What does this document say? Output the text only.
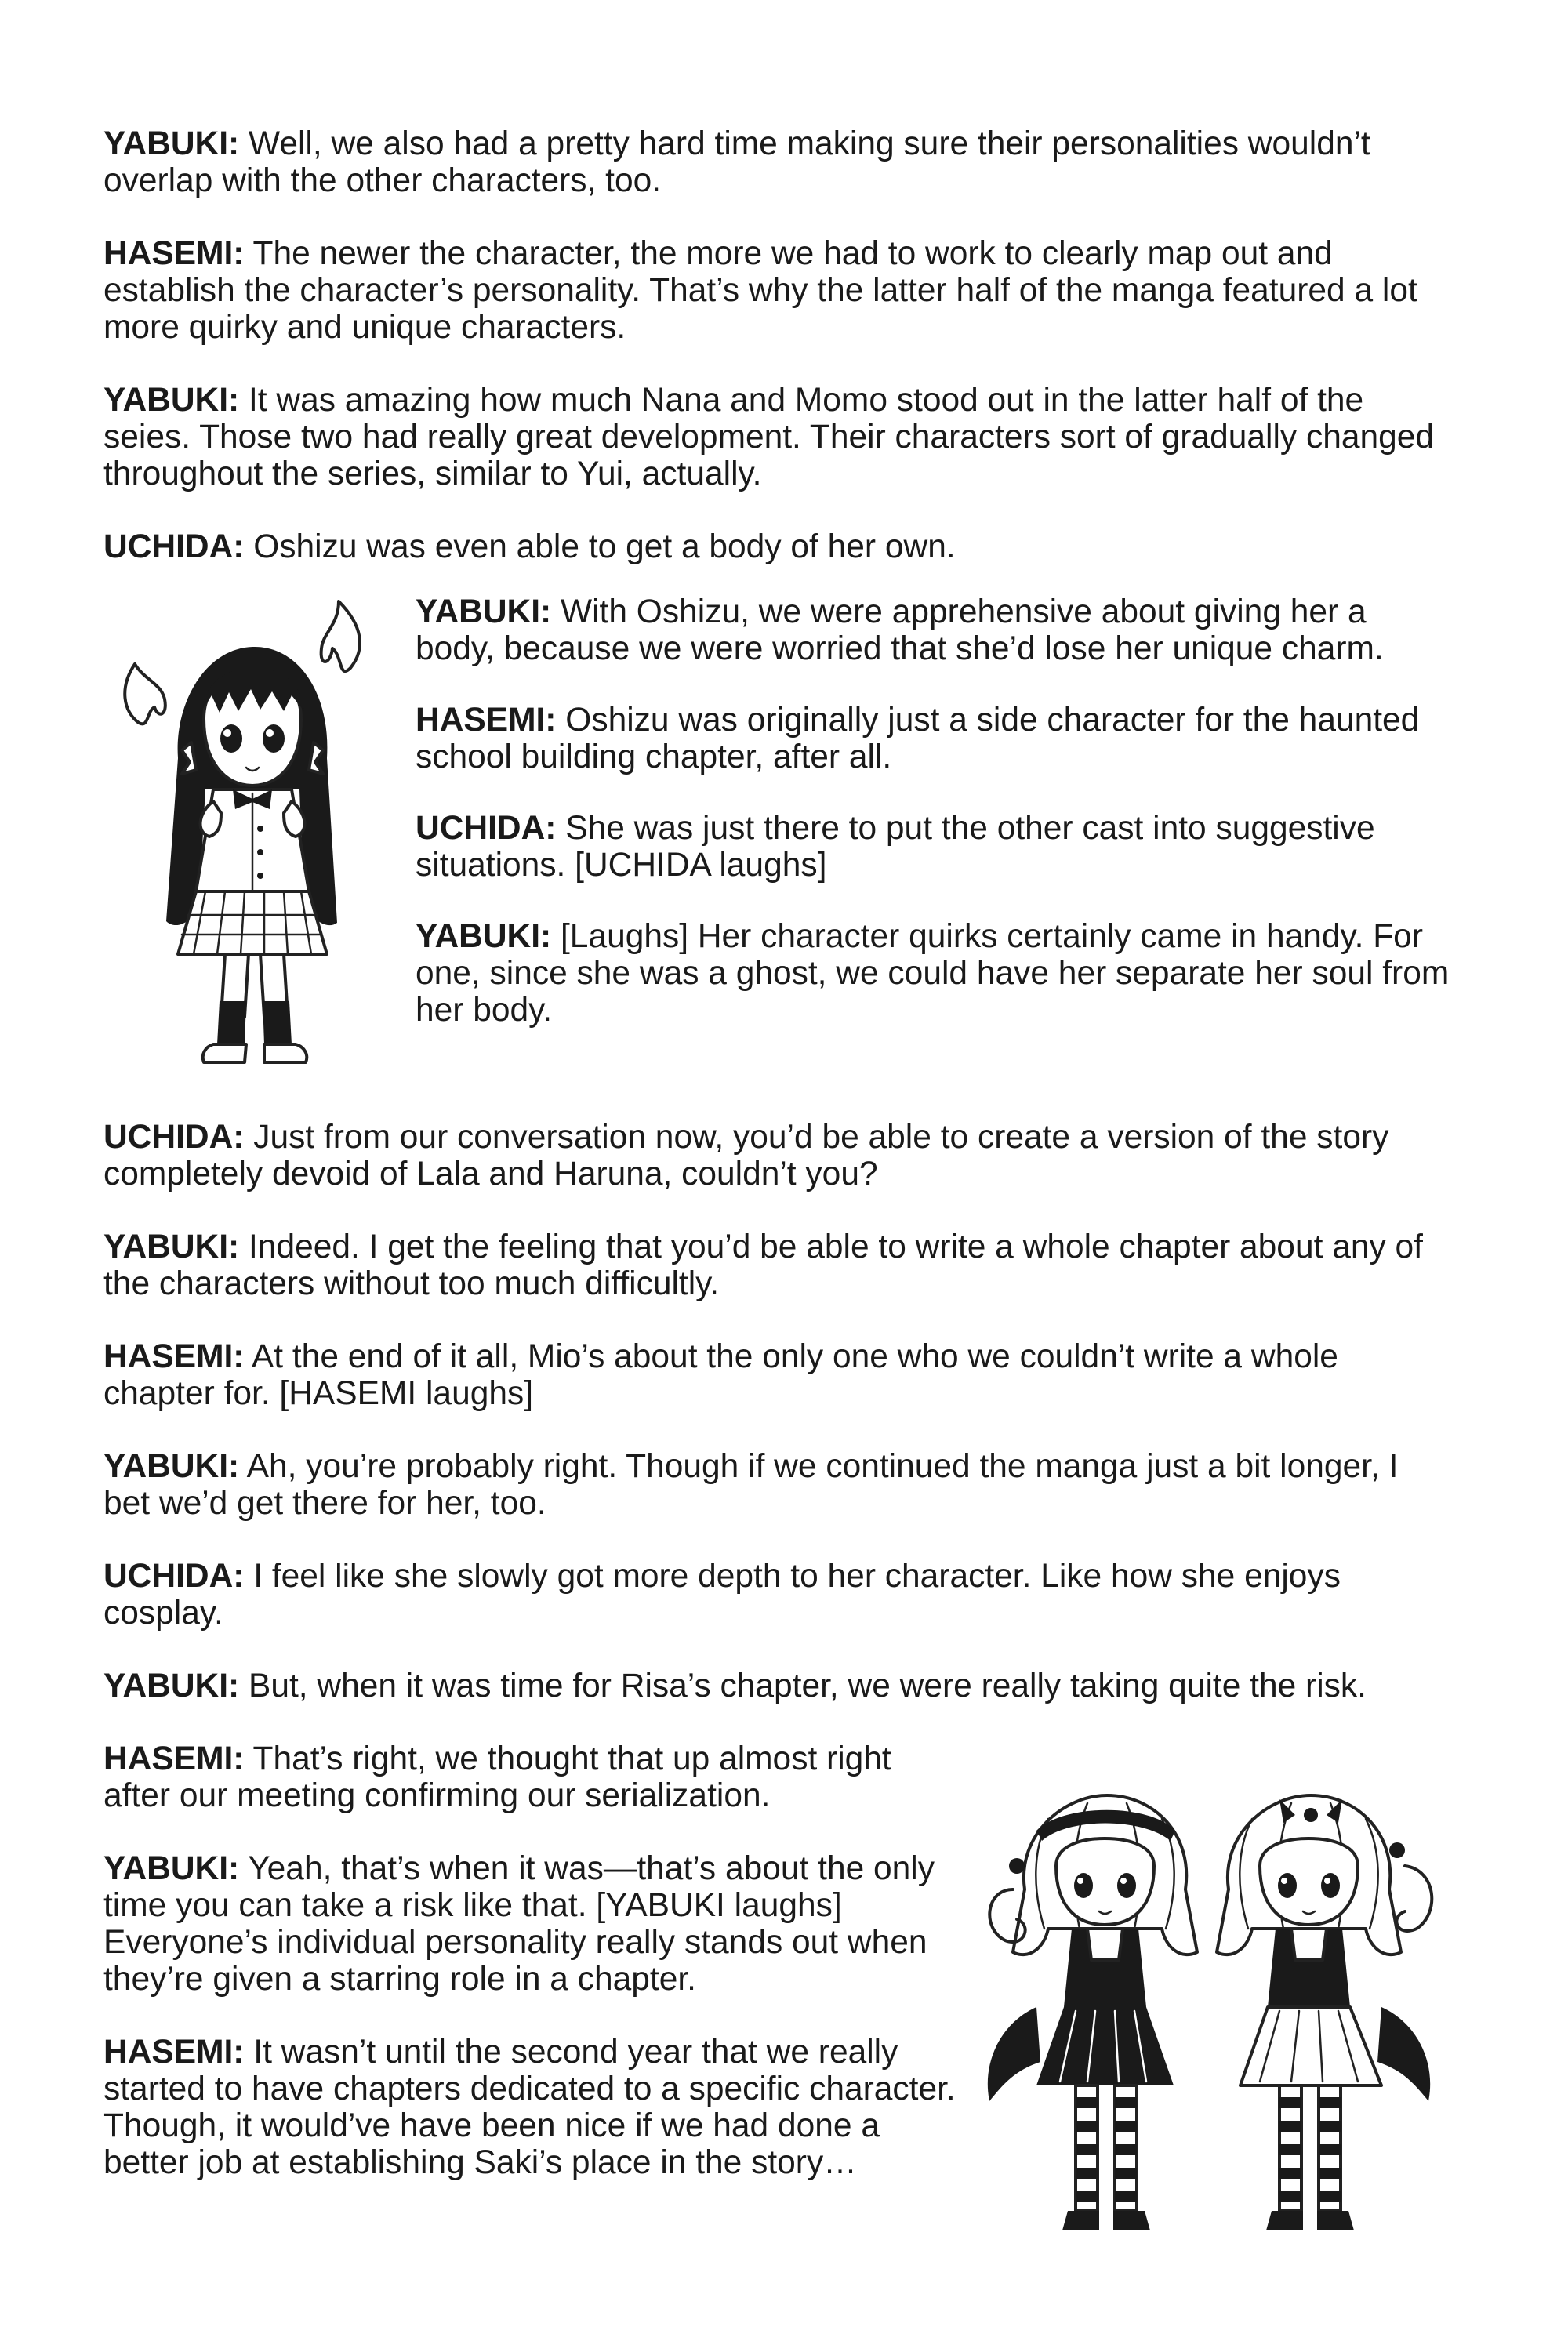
YABUKI: Well, we also had a pretty hard time making sure their personalities wouldn’t overlap with the other characters, too.

HASEMI: The newer the character, the more we had to work to clearly map out and establish the character’s personality. That’s why the latter half of the manga featured a lot more quirky and unique characters.

YABUKI: It was amazing how much Nana and Momo stood out in the latter half of the seies. Those two had really great development. Their characters sort of gradually changed throughout the series, similar to Yui, actually.

UCHIDA: Oshizu was even able to get a body of her own.

YABUKI: With Oshizu, we were apprehensive about giving her a body, because we were worried that she’d lose her unique charm.

HASEMI: Oshizu was originally just a side character for the haunted school building chapter, after all.

UCHIDA: She was just there to put the other cast into suggestive situations. [UCHIDA laughs]

YABUKI: [Laughs] Her character quirks certainly came in handy. For one, since she was a ghost, we could have her separate her soul from her body.

UCHIDA: Just from our conversation now, you’d be able to create a version of the story completely devoid of Lala and Haruna, couldn’t you?

YABUKI: Indeed. I get the feeling that you’d be able to write a whole chapter about any of the characters without too much difficultly.

HASEMI: At the end of it all, Mio’s about the only one who we couldn’t write a whole chapter for. [HASEMI laughs]

YABUKI: Ah, you’re probably right. Though if we continued the manga just a bit longer, I bet we’d get there for her, too.

UCHIDA: I feel like she slowly got more depth to her character. Like how she enjoys cosplay.

YABUKI: But, when it was time for Risa’s chapter, we were really taking quite the risk.

HASEMI: That’s right, we thought that up almost right after our meeting confirming our serialization.

YABUKI: Yeah, that’s when it was—that’s about the only time you can take a risk like that. [YABUKI laughs] Everyone’s individual personality really stands out when they’re given a starring role in a chapter.

HASEMI: It wasn’t until the second year that we really started to have chapters dedicated to a specific character. Though, it would’ve have been nice if we had done a better job at establishing Saki’s place in the story…
